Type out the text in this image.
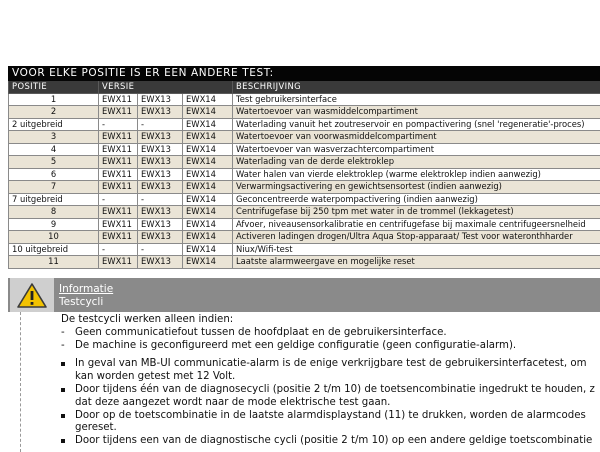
VOOR ELKE POSITIE IS ER EEN ANDERE TEST:				
POSITIE	VERSIE			BESCHRIJVING
1	EWX11	EWX13	EWX14	Test gebruikersinterface
2	EWX11	EWX13	EWX14	Watertoevoer van wasmiddelcompartiment
2 uitgebreid	-	-	EWX14	Waterlading vanuit het zoutreservoir en pompactivering (snel 'regeneratie'-proces)
3	EWX11	EWX13	EWX14	Watertoevoer van voorwasmiddelcompartiment
4	EWX11	EWX13	EWX14	Watertoevoer van wasverzachtercompartiment
5	EWX11	EWX13	EWX14	Waterlading van de derde elektroklep
6	EWX11	EWX13	EWX14	Water halen van vierde elektroklep (warme elektroklep indien aanwezig)
7	EWX11	EWX13	EWX14	Verwarmingsactivering en gewichtsensortest (indien aanwezig)
7 uitgebreid	-	-	EWX14	Geconcentreerde waterpompactivering (indien aanwezig)
8	EWX11	EWX13	EWX14	Centrifugefase bij 250 tpm met water in de trommel (lekkagetest)
9	EWX11	EWX13	EWX14	Afvoer, niveausensorkalibratie en centrifugefase bij maximale centrifugeersnelheid
10	EWX11	EWX13	EWX14	Activeren ladingen drogen/Ultra Aqua Stop-apparaat/ Test voor wateronthharder
10 uitgebreid	-	-	EWX14	Niux/Wifi-test
11	EWX11	EWX13	EWX14	Laatste alarmweergave en mogelijke reset
Informatie
Testcycli

De testcycli werken alleen indien:

- Geen communicatiefout tussen de hoofdplaat en de gebruikersinterface.
- De machine is geconfigureerd met een geldige configuratie (geen configuratie-alarm).
In geval van MB-UI communicatie-alarm is de enige verkrijgbare test de gebruikersinterfacetest, om
kan worden getest met 12 Volt.
Door tijdens één van de diagnosecycli (positie 2 t/m 10) de toetsencombinatie ingedrukt te houden, z
dat deze aangezet wordt naar de mode elektrische test gaan.
Door op de toetscombinatie in de laatste alarmdisplaystand (11) te drukken, worden de alarmcodes
gereset.
Door tijdens een van de diagnostische cycli (positie 2 t/m 10) op een andere geldige toetscombinatie
